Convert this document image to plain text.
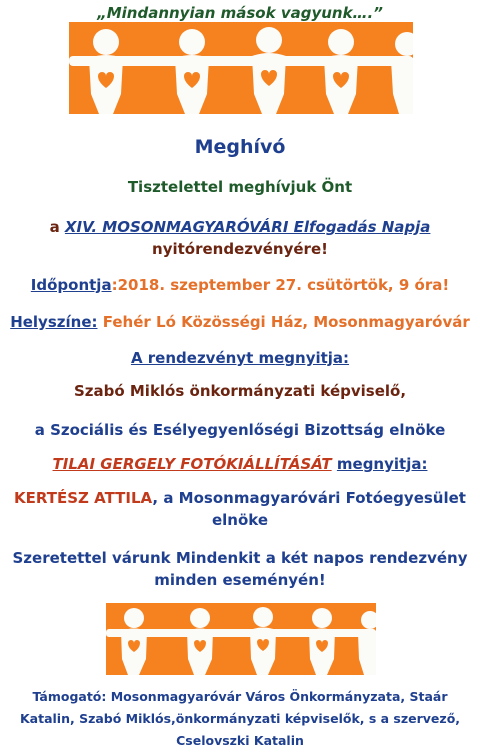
„Mindannyian mások vagyunk….”
Meghívó
Tisztelettel meghívjuk Önt
a XIV. MOSONMAGYARÓVÁRI Elfogadás Napja
nyitórendezvényére!
Időpontja:2018. szeptember 27. csütörtök, 9 óra!
Helyszíne: Fehér Ló Közösségi Ház, Mosonmagyaróvár
A rendezvényt megnyitja:
Szabó Miklós önkormányzati képviselő,
a Szociális és Esélyegyenlőségi Bizottság elnöke
TILAI GERGELY FOTÓKIÁLLÍTÁSÁT megnyitja:
KERTÉSZ ATTILA, a Mosonmagyaróvári Fotóegyesület
elnöke
Szeretettel várunk Mindenkit a két napos rendezvény
minden eseményén!
Támogató: Mosonmagyaróvár Város Önkormányzata, Staár
Katalin, Szabó Miklós,önkormányzati képviselők, s a szervező,
Cselovszki Katalin
